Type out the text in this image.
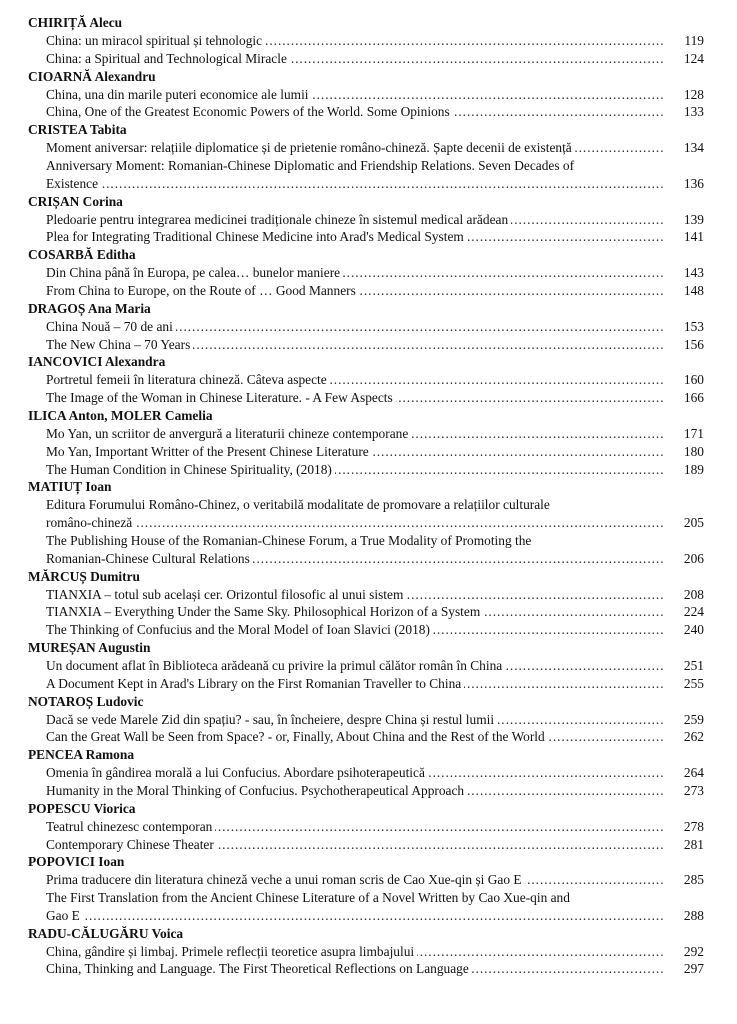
CHIRIȚĂ Alecu
China: un miracol spiritual și tehnologic . . .	119
China: a Spiritual and Technological Miracle . . .	124
CIOARNĂ Alexandru
China, una din marile puteri economice ale lumii . . .	128
China, One of the Greatest Economic Powers of the World. Some Opinions . . .	133
CRISTEA Tabita
Moment aniversar: relațiile diplomatice și de prietenie româno-chineză. Șapte decenii de existență . . .	134
Anniversary Moment: Romanian-Chinese Diplomatic and Friendship Relations. Seven Decades of
Existence . . .	136
CRIȘAN Corina
Pledoarie pentru integrarea medicinei tradiționale chineze în sistemul medical arădean . . .	139
Plea for Integrating Traditional Chinese Medicine into Arad's Medical System . . .	141
COSARBĂ Editha
Din China până în Europa, pe calea… bunelor maniere . . .	143
From China to Europe, on the Route of … Good Manners . . .	148
DRAGOȘ Ana Maria
China Nouă – 70 de ani . . .	153
The New China – 70 Years . . .	156
IANCOVICI Alexandra
Portretul femeii în literatura chineză. Câteva aspecte . . .	160
The Image of the Woman in Chinese Literature. - A Few Aspects . . .	166
ILICA Anton, MOLER Camelia
Mo Yan, un scriitor de anvergură a literaturii chineze contemporane . . .	171
Mo Yan, Important Writter of the Present Chinese Literature . . .	180
The Human Condition in Chinese Spirituality, (2018) . . .	189
MATIUȚ Ioan
Editura Forumului Româno-Chinez, o veritabilă modalitate de promovare a relațiilor culturale
româno-chineză . . .	205
The Publishing House of the Romanian-Chinese Forum, a True Modality of Promoting the
Romanian-Chinese Cultural Relations . . .	206
MĂRCUȘ Dumitru
TIANXIA – totul sub același cer. Orizontul filosofic al unui sistem . . .	208
TIANXIA – Everything Under the Same Sky. Philosophical Horizon of a System . . .	224
The Thinking of Confucius and the Moral Model of Ioan Slavici (2018) . . .	240
MUREȘAN Augustin
Un document aflat în Biblioteca arădeană cu privire la primul călător român în China . . .	251
A Document Kept in Arad's Library on the First Romanian Traveller to China . . .	255
NOTAROȘ Ludovic
Dacă se vede Marele Zid din spațiu? - sau, în încheiere, despre China și restul lumii . . .	259
Can the Great Wall be Seen from Space? - or, Finally, About China and the Rest of the World . . .	262
PENCEA Ramona
Omenia în gândirea morală a lui Confucius. Abordare psihoterapeutică . . .	264
Humanity in the Moral Thinking of Confucius. Psychotherapeutical Approach . . .	273
POPESCU Viorica
Teatrul chinezesc contemporan . . .	278
Contemporary Chinese Theater . . .	281
POPOVICI Ioan
Prima traducere din literatura chineză veche a unui roman scris de Cao Xue-qin și Gao E . . .	285
The First Translation from the Ancient Chinese Literature of a Novel Written by Cao Xue-qin and
Gao E . . .	288
RADU-CĂLUGĂRU Voica
China, gândire și limbaj. Primele reflecții teoretice asupra limbajului . . .	292
China, Thinking and Language. The First Theoretical Reflections on Language . . .	297
